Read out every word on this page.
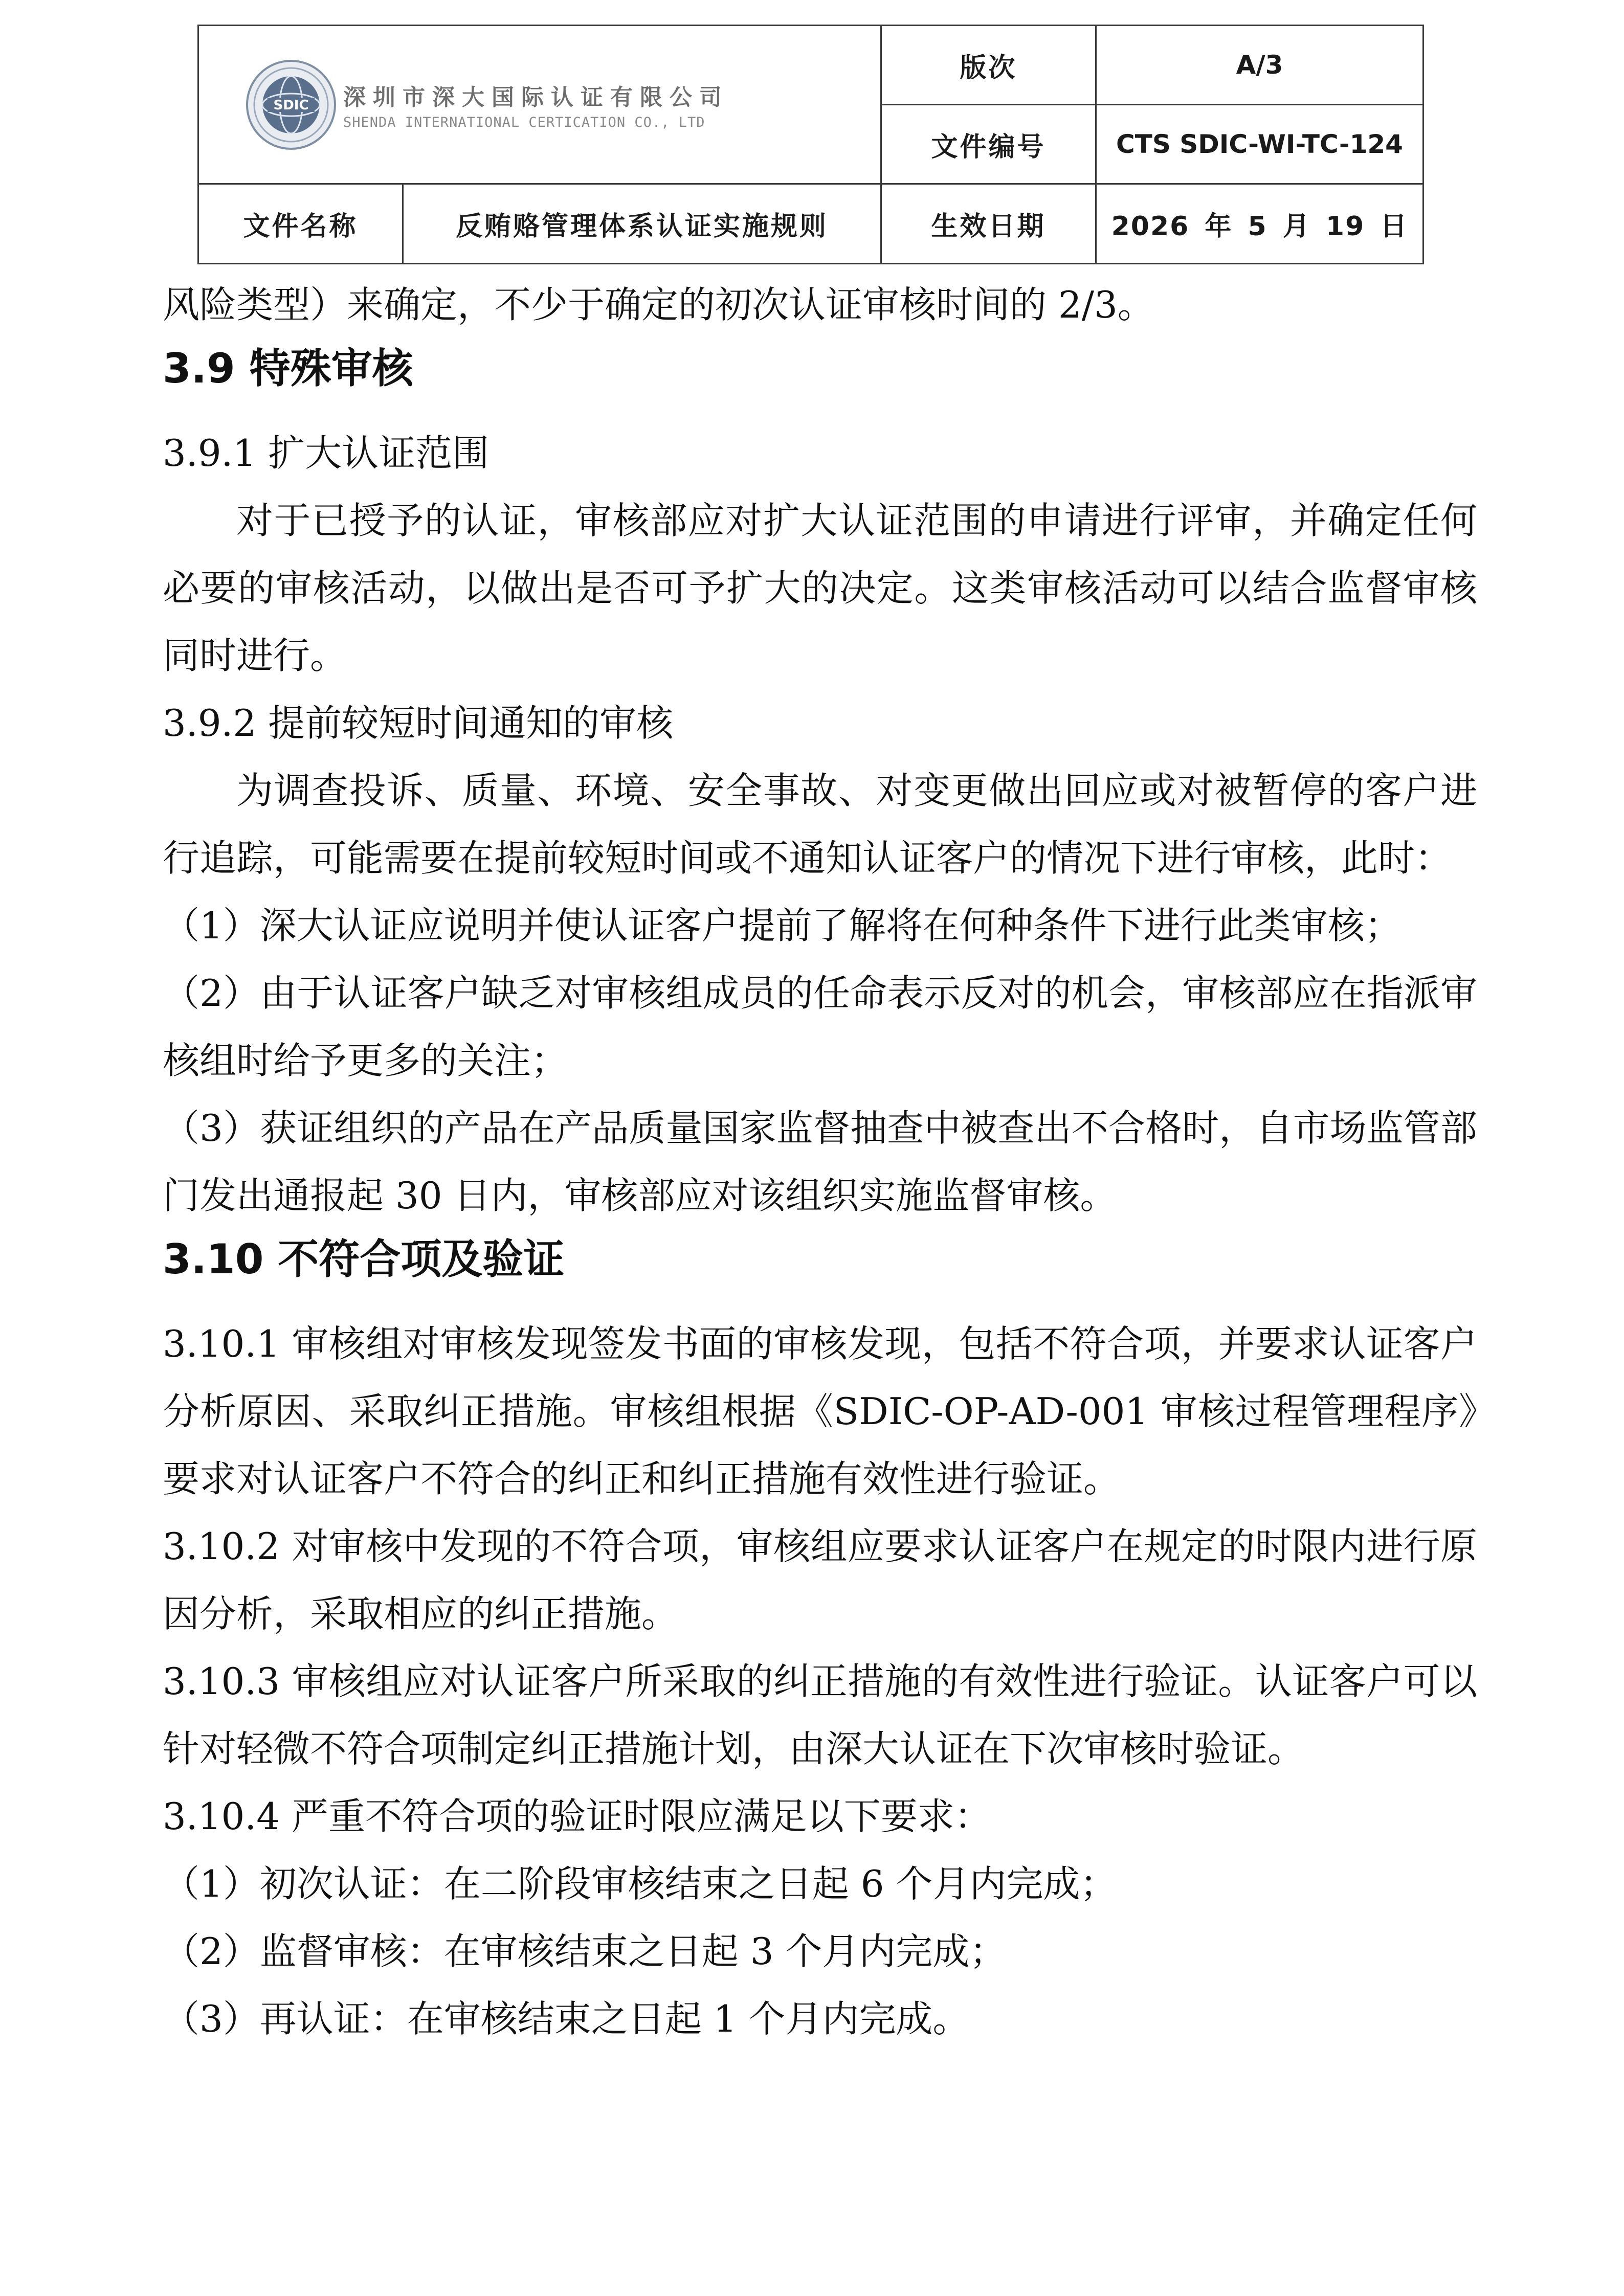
SDIC 深圳市深大国际认证有限公司
SHENDA INTERNATIONAL CERTICATION CO., LTD		版次	A/3
		文件编号	CTS SDIC-WI-TC-124
文件名称	反贿赂管理体系认证实施规则	生效日期	2026 年 5 月 19 日

风险类型）来确定，不少于确定的初次认证审核时间的 2/3。

3.9 特殊审核

3.9.1 扩大认证范围

对于已授予的认证，审核部应对扩大认证范围的申请进行评审，并确定任何必要的审核活动，以做出是否可予扩大的决定。这类审核活动可以结合监督审核同时进行。

3.9.2 提前较短时间通知的审核

为调查投诉、质量、环境、安全事故、对变更做出回应或对被暂停的客户进行追踪，可能需要在提前较短时间或不通知认证客户的情况下进行审核，此时：

（1）深大认证应说明并使认证客户提前了解将在何种条件下进行此类审核；

（2）由于认证客户缺乏对审核组成员的任命表示反对的机会，审核部应在指派审核组时给予更多的关注；

（3）获证组织的产品在产品质量国家监督抽查中被查出不合格时，自市场监管部门发出通报起 30 日内，审核部应对该组织实施监督审核。

3.10 不符合项及验证

3.10.1 审核组对审核发现签发书面的审核发现，包括不符合项，并要求认证客户分析原因、采取纠正措施。审核组根据《SDIC-OP-AD-001 审核过程管理程序》要求对认证客户不符合的纠正和纠正措施有效性进行验证。

3.10.2 对审核中发现的不符合项，审核组应要求认证客户在规定的时限内进行原因分析，采取相应的纠正措施。

3.10.3 审核组应对认证客户所采取的纠正措施的有效性进行验证。认证客户可以针对轻微不符合项制定纠正措施计划，由深大认证在下次审核时验证。

3.10.4 严重不符合项的验证时限应满足以下要求：

（1）初次认证：在二阶段审核结束之日起 6 个月内完成；

（2）监督审核：在审核结束之日起 3 个月内完成；

（3）再认证：在审核结束之日起 1 个月内完成。
